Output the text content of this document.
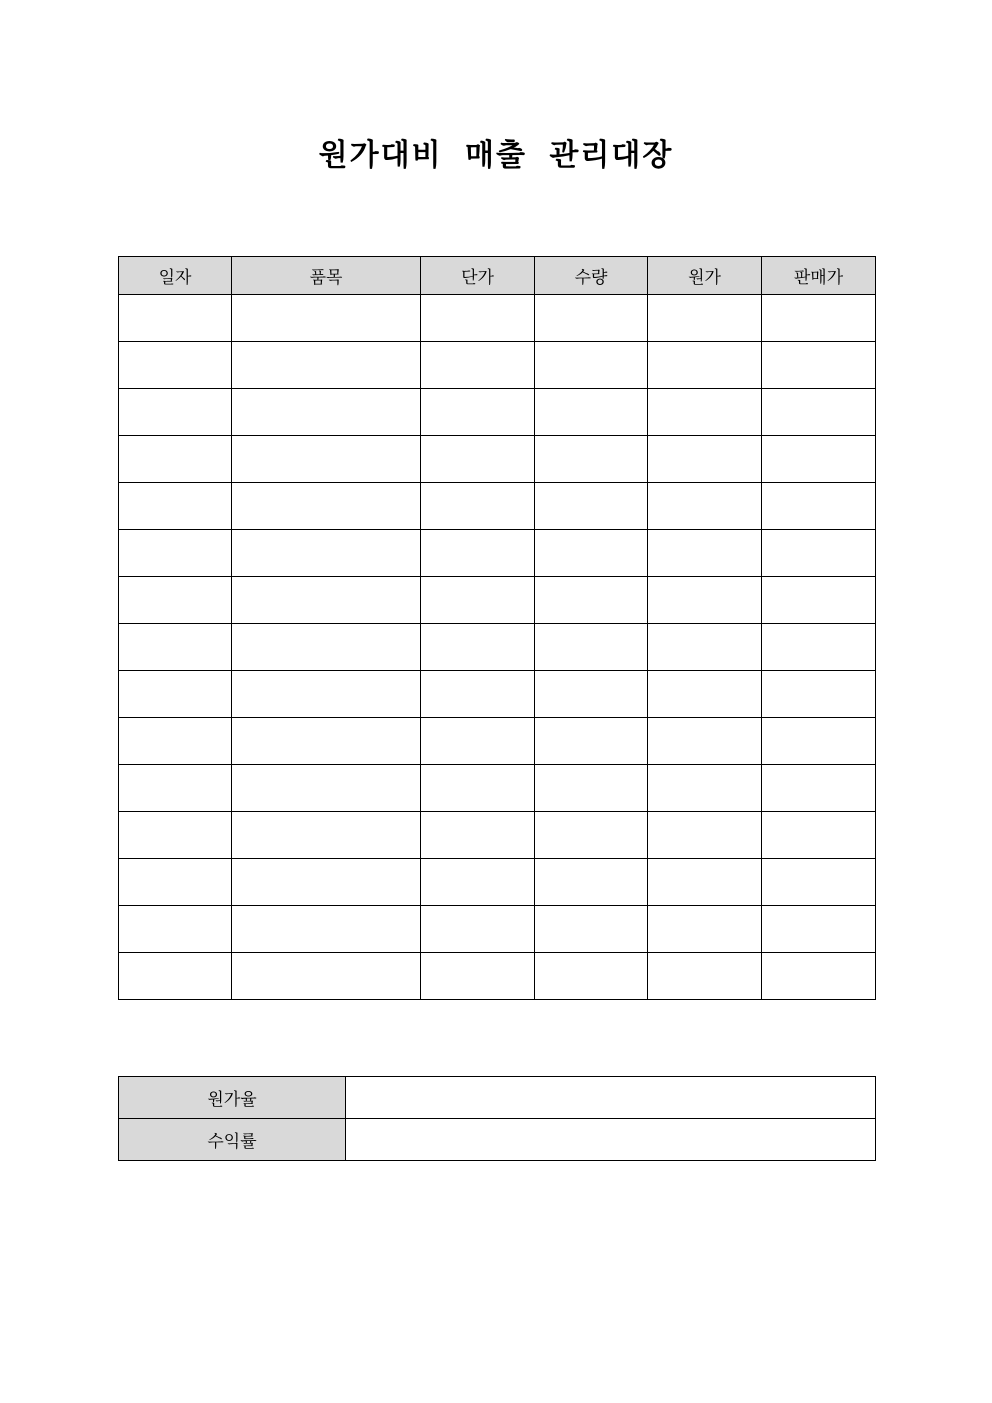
원가대비 매출 관리대장
일자	품목	단가	수량	원가	판매가

원가율	
수익률	
